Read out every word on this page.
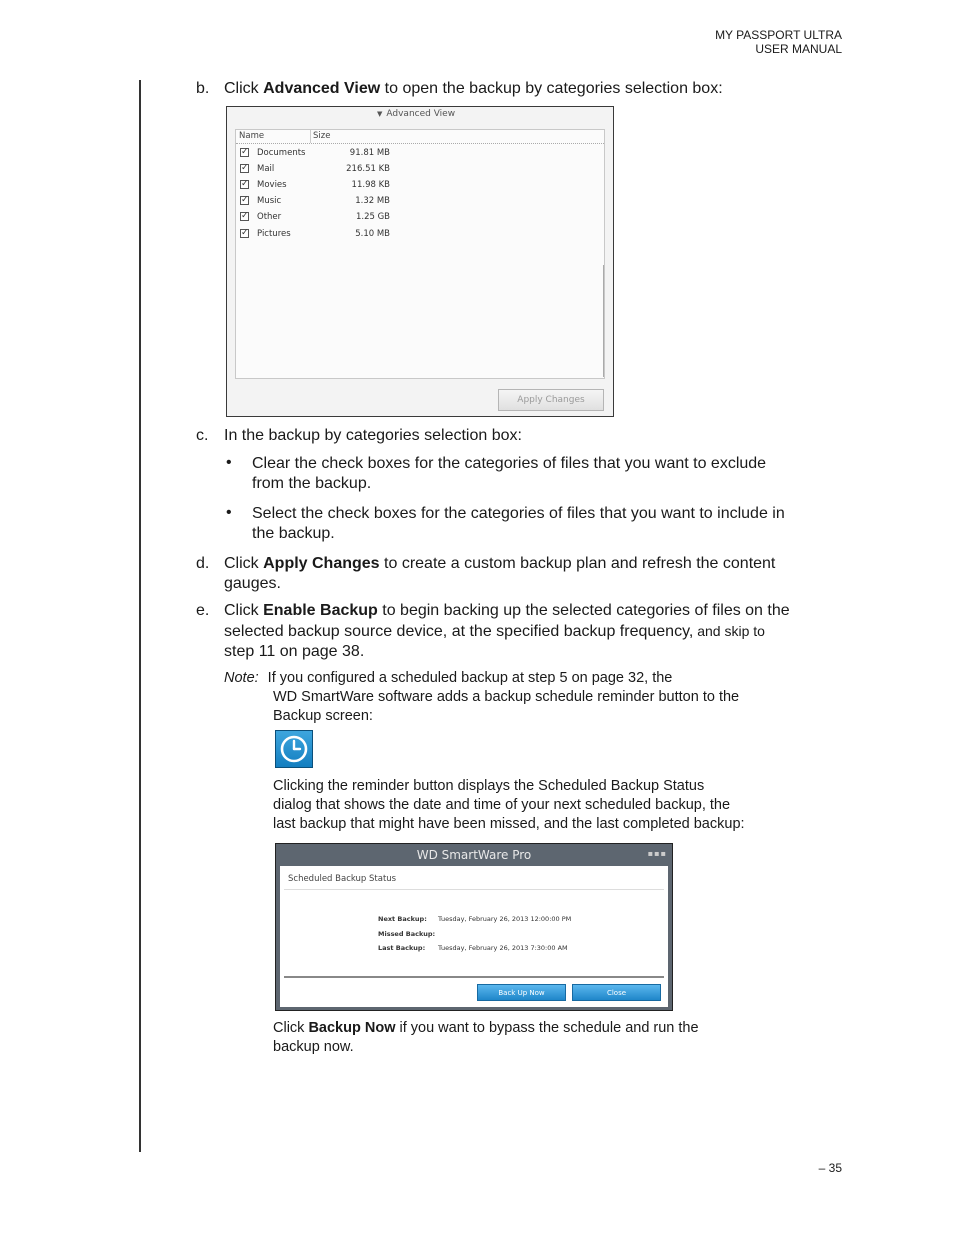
MY PASSPORT ULTRA
USER MANUAL
b. Click Advanced View to open the backup by categories selection box:
▼ Advanced View
Name	Size
✓ Documents	91.81 MB
✓ Mail	216.51 KB
✓ Movies	11.98 KB
✓ Music	1.32 MB
✓ Other	1.25 GB
✓ Pictures	5.10 MB
Apply Changes
c. In the backup by categories selection box:
• Clear the check boxes for the categories of files that you want to exclude
from the backup.
• Select the check boxes for the categories of files that you want to include in
the backup.
d. Click Apply Changes to create a custom backup plan and refresh the content
gauges.
e. Click Enable Backup to begin backing up the selected categories of files on the
selected backup source device, at the specified backup frequency, and skip to
step 11 on page 38.
Note: If you configured a scheduled backup at step 5 on page 32, the
WD SmartWare software adds a backup schedule reminder button to the
Backup screen:
Clicking the reminder button displays the Scheduled Backup Status
dialog that shows the date and time of your next scheduled backup, the
last backup that might have been missed, and the last completed backup:
WD SmartWare Pro	▪▪▪
Scheduled Backup Status
Next Backup: Tuesday, February 26, 2013 12:00:00 PM
Missed Backup:
Last Backup: Tuesday, February 26, 2013 7:30:00 AM
Back Up Now	Close
Click Backup Now if you want to bypass the schedule and run the
backup now.
– 35
